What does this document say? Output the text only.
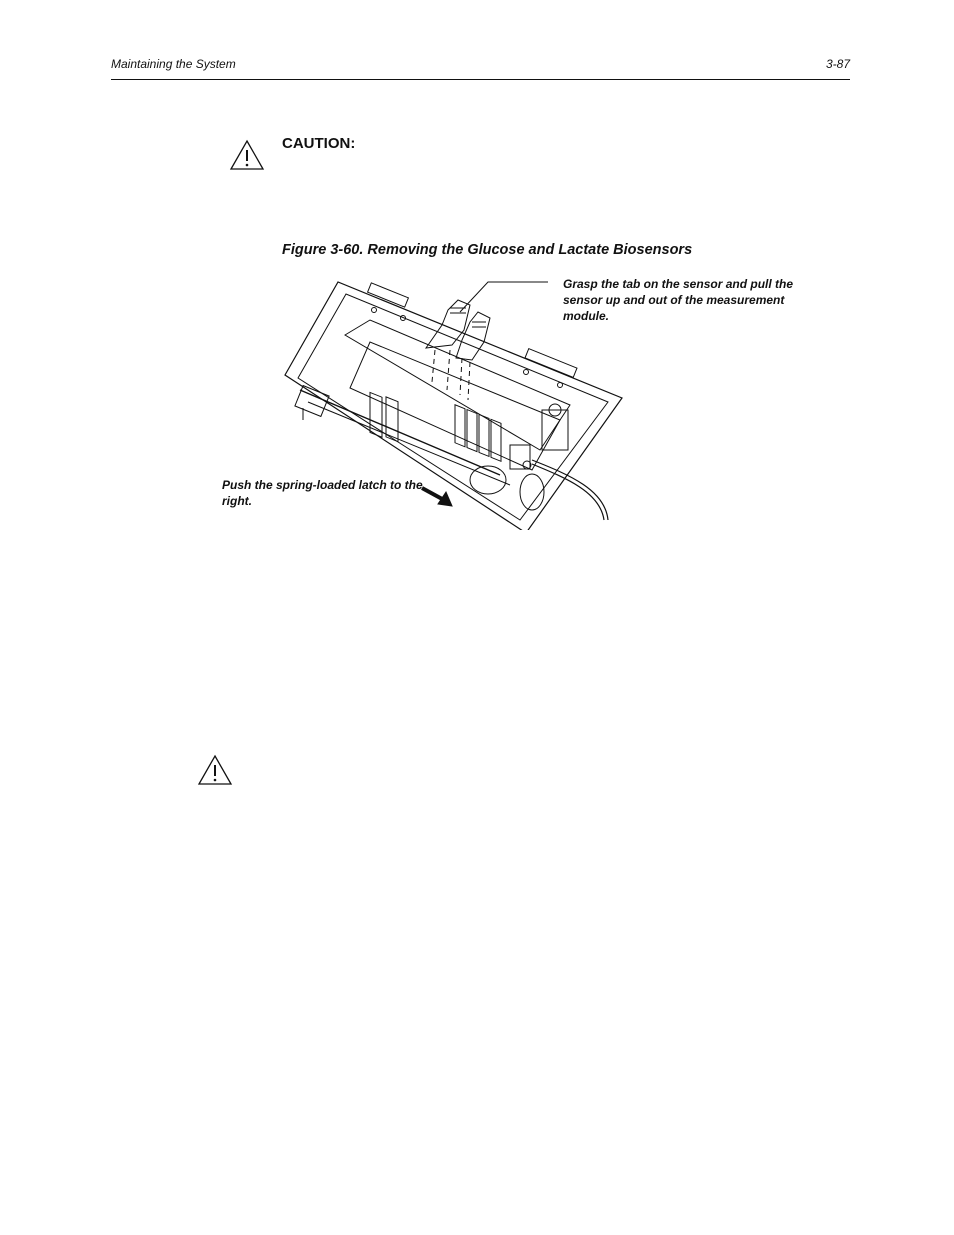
Maintaining the System	3-87
CAUTION:
Figure 3-60. Removing the Glucose and Lactate Biosensors
Grasp the tab on the sensor and pull the sensor up and out of the measurement module.
Push the spring-loaded latch to the right.
